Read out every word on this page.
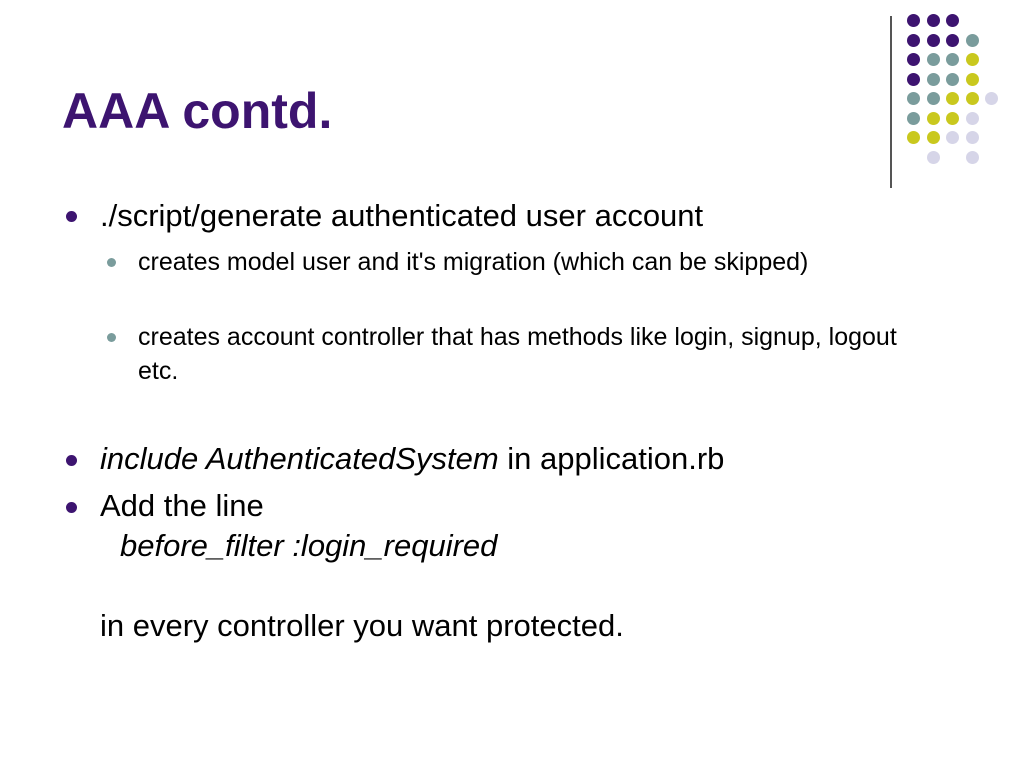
AAA contd.
./script/generate authenticated user account
creates model user and it's migration (which can be skipped)
creates account controller that has methods like login, signup, logout etc.
include AuthenticatedSystem in application.rb
Add the line
before_filter :login_required
in every controller you want protected.
